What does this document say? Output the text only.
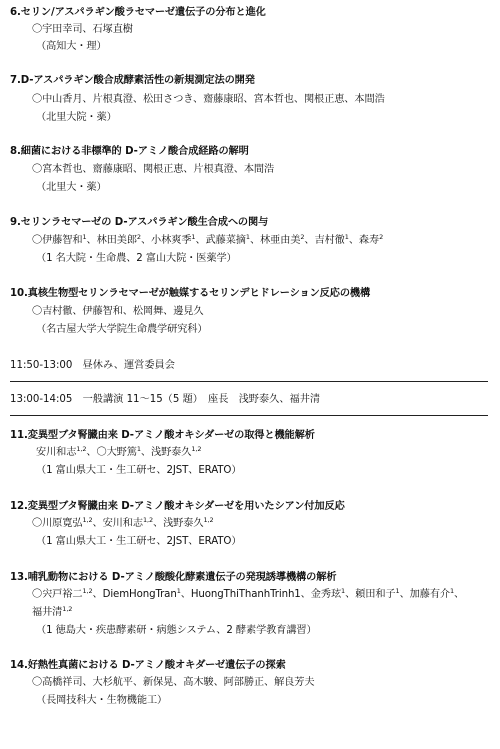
6.セリン/アスパラギン酸ラセマーゼ遺伝子の分布と進化
〇宇田幸司、石塚直樹
（高知大・理）
7.D-アスパラギン酸合成酵素活性の新規測定法の開発
〇中山香月、片根真澄、松田さつき、齋藤康昭、宮本哲也、関根正恵、本間浩
（北里大院・薬）
8.細菌における非標準的 D-アミノ酸合成経路の解明
〇宮本哲也、齋藤康昭、関根正恵、片根真澄、本間浩
（北里大・薬）
9.セリンラセマーゼの D-アスパラギン酸生合成への関与
〇伊藤智和$^1$、林田美郎$^2$、小林爽季$^1$、武藤菜摘$^1$、林亜由美$^2$、吉村徹$^1$、森寿$^2$
（1 名大院・生命農、2 富山大院・医薬学）
10.真核生物型セリンラセマーゼが触媒するセリンデヒドレーション反応の機構
〇吉村徹、伊藤智和、松岡舞、邊見久
（名古屋大学大学院生命農学研究科）
11:50-13:00　昼休み、運営委員会
13:00-14:05　一般講演 11～15（5 題）　座長　浅野泰久、福井清
11.変異型ブタ腎臓由来 D-アミノ酸オキシダーゼの取得と機能解析
安川和志$^{1,2}$、〇大野篤$^1$、浅野泰久$^{1,2}$
（1 富山県大工・生工研セ、2JST、ERATO）
12.変異型ブタ腎臓由来 D-アミノ酸オキシダーゼを用いたシアン付加反応
〇川原寛弘$^{1,2}$、安川和志$^{1,2}$、浅野泰久$^{1,2}$
（1 富山県大工・生工研セ、2JST、ERATO）
13.哺乳動物における D-アミノ酸酸化酵素遺伝子の発現誘導機構の解析
〇宍戸裕二$^{1,2}$、DiemHongTran$^1$、HuongThiThanhTrinh1、金秀玹$^1$、頼田和子$^1$、加藤有介$^1$、
福井清$^{1,2}$
（1 徳島大・疾患酵素研・病態システム、2 酵素学教育講習）
14.好熱性真菌における D-アミノ酸オキダーゼ遺伝子の探索
〇高橋祥司、大杉航平、新保晃、高木駿、阿部勝正、解良芳夫
（長岡技科大・生物機能工）
